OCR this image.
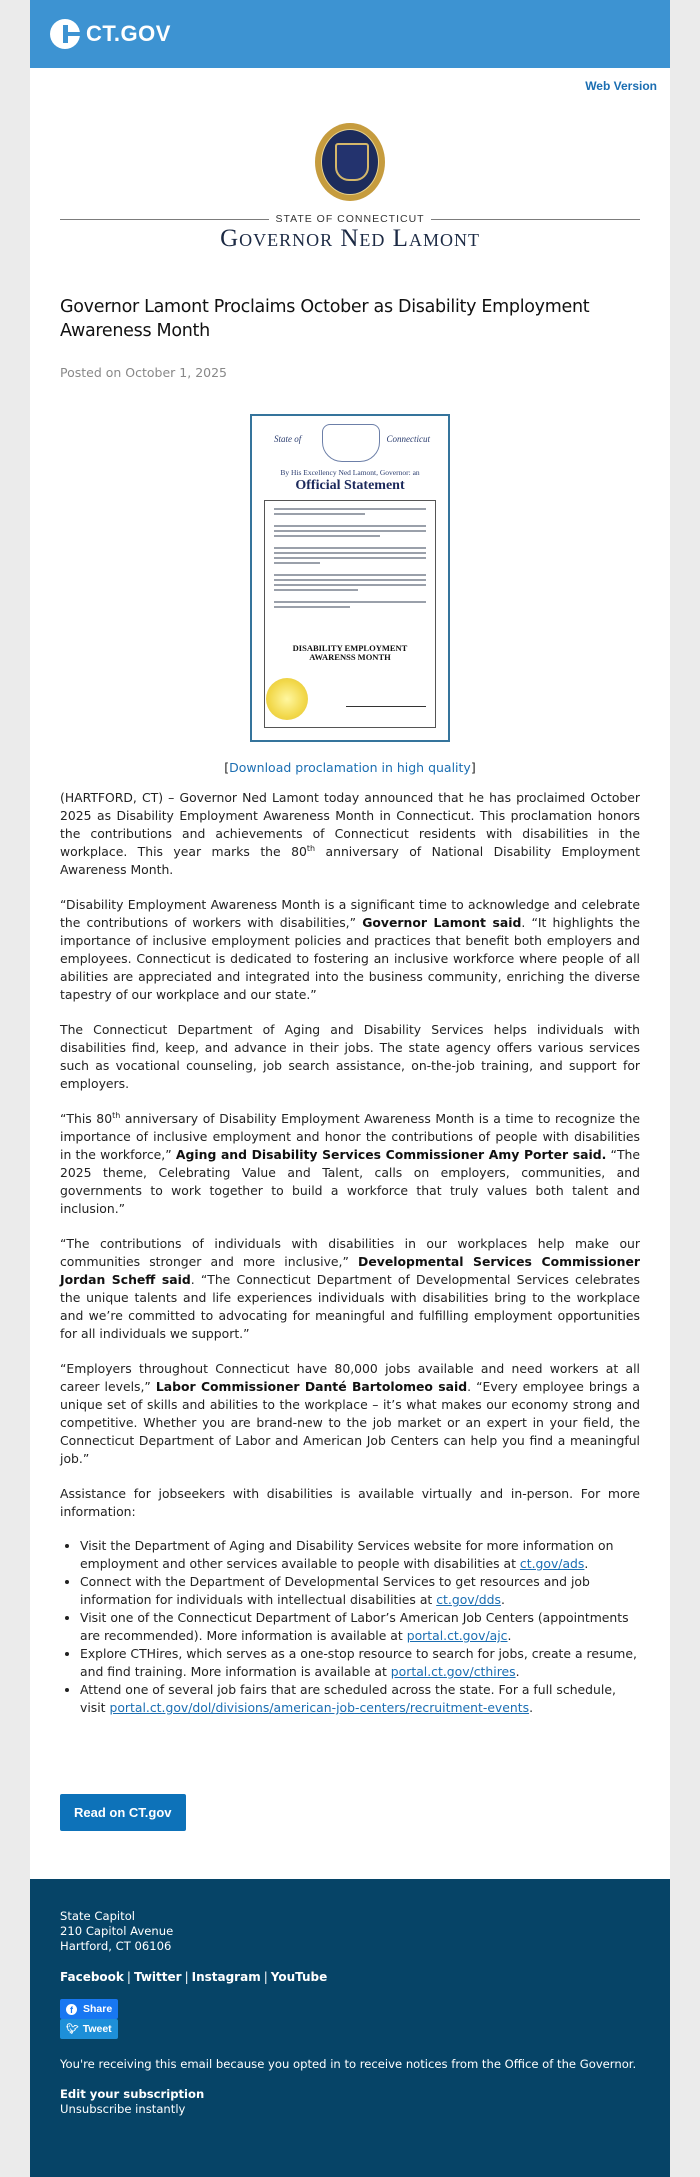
CT.GOV
Web Version
STATE OF CONNECTICUT
Governor Ned Lamont
Governor Lamont Proclaims October as Disability Employment Awareness Month
Posted on October 1, 2025
State of	Connecticut
By His Excellency Ned Lamont, Governor: an
Official Statement
DISABILITY EMPLOYMENT
AWARENSS MONTH
[Download proclamation in high quality]

(HARTFORD, CT) – Governor Ned Lamont today announced that he has proclaimed October 2025 as Disability Employment Awareness Month in Connecticut. This proclamation honors the contributions and achievements of Connecticut residents with disabilities in the workplace. This year marks the 80th anniversary of National Disability Employment Awareness Month.

“Disability Employment Awareness Month is a significant time to acknowledge and celebrate the contributions of workers with disabilities,” Governor Lamont said. “It highlights the importance of inclusive employment policies and practices that benefit both employers and employees. Connecticut is dedicated to fostering an inclusive workforce where people of all abilities are appreciated and integrated into the business community, enriching the diverse tapestry of our workplace and our state.”

The Connecticut Department of Aging and Disability Services helps individuals with disabilities find, keep, and advance in their jobs. The state agency offers various services such as vocational counseling, job search assistance, on-the-job training, and support for employers.

“This 80th anniversary of Disability Employment Awareness Month is a time to recognize the importance of inclusive employment and honor the contributions of people with disabilities in the workforce,” Aging and Disability Services Commissioner Amy Porter said. “The 2025 theme, Celebrating Value and Talent, calls on employers, communities, and governments to work together to build a workforce that truly values both talent and inclusion.”

“The contributions of individuals with disabilities in our workplaces help make our communities stronger and more inclusive,” Developmental Services Commissioner Jordan Scheff said. “The Connecticut Department of Developmental Services celebrates the unique talents and life experiences individuals with disabilities bring to the workplace and we’re committed to advocating for meaningful and fulfilling employment opportunities for all individuals we support.”

“Employers throughout Connecticut have 80,000 jobs available and need workers at all career levels,” Labor Commissioner Danté Bartolomeo said. “Every employee brings a unique set of skills and abilities to the workplace – it’s what makes our economy strong and competitive. Whether you are brand-new to the job market or an expert in your field, the Connecticut Department of Labor and American Job Centers can help you find a meaningful job.”

Assistance for jobseekers with disabilities is available virtually and in-person. For more information:

• Visit the Department of Aging and Disability Services website for more information on employment and other services available to people with disabilities at ct.gov/ads.
• Connect with the Department of Developmental Services to get resources and job information for individuals with intellectual disabilities at ct.gov/dds.
• Visit one of the Connecticut Department of Labor’s American Job Centers (appointments are recommended). More information is available at portal.ct.gov/ajc.
• Explore CTHires, which serves as a one-stop resource to search for jobs, create a resume, and find training. More information is available at portal.ct.gov/cthires.
• Attend one of several job fairs that are scheduled across the state. For a full schedule, visit portal.ct.gov/dol/divisions/american-job-centers/recruitment-events.
Read on CT.gov
State Capitol
210 Capitol Avenue
Hartford, CT 06106
Facebook | Twitter | Instagram | YouTube
f Share
🐦︎ Tweet
You're receiving this email because you opted in to receive notices from the Office of the Governor.
Edit your subscription
Unsubscribe instantly
